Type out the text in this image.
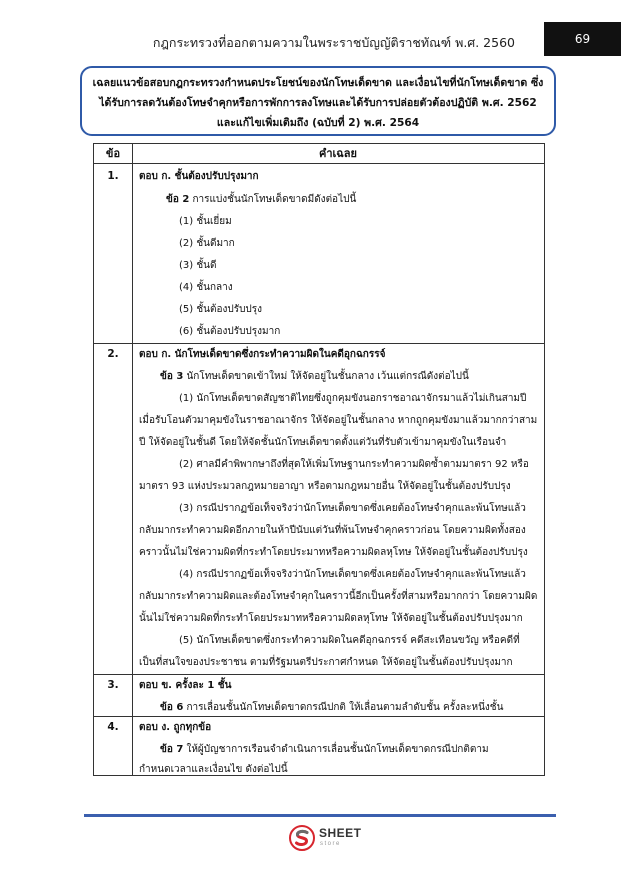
กฎกระทรวงที่ออกตามความในพระราชบัญญัติราชทัณฑ์ พ.ศ. 2560	69

เฉลยแนวข้อสอบกฎกระทรวงกำหนดประโยชน์ของนักโทษเด็ดขาด และเงื่อนไขที่นักโทษเด็ดขาด ซึ่ง

ได้รับการลดวันต้องโทษจำคุกหรือการพักการลงโทษและได้รับการปล่อยตัวต้องปฏิบัติ พ.ศ. 2562

และแก้ไขเพิ่มเติมถึง (ฉบับที่ 2) พ.ศ. 2564

ข้อ	คำเฉลย
1.	ตอบ ก. ชั้นต้องปรับปรุงมาก
ข้อ 2 การแบ่งชั้นนักโทษเด็ดขาดมีดังต่อไปนี้
(1) ชั้นเยี่ยม
(2) ชั้นดีมาก
(3) ชั้นดี
(4) ชั้นกลาง
(5) ชั้นต้องปรับปรุง
(6) ชั้นต้องปรับปรุงมาก
2.	ตอบ ก. นักโทษเด็ดขาดซึ่งกระทำความผิดในคดีอุกฉกรรจ์
ข้อ 3 นักโทษเด็ดขาดเข้าใหม่ ให้จัดอยู่ในชั้นกลาง เว้นแต่กรณีดังต่อไปนี้
(1) นักโทษเด็ดขาดสัญชาติไทยซึ่งถูกคุมขังนอกราชอาณาจักรมาแล้วไม่เกินสามปี
เมื่อรับโอนตัวมาคุมขังในราชอาณาจักร ให้จัดอยู่ในชั้นกลาง หากถูกคุมขังมาแล้วมากกว่าสาม
ปี ให้จัดอยู่ในชั้นดี โดยให้จัดชั้นนักโทษเด็ดขาดตั้งแต่วันที่รับตัวเข้ามาคุมขังในเรือนจำ
(2) ศาลมีคำพิพากษาถึงที่สุดให้เพิ่มโทษฐานกระทำความผิดซ้ำตามมาตรา 92 หรือ
มาตรา 93 แห่งประมวลกฎหมายอาญา หรือตามกฎหมายอื่น ให้จัดอยู่ในชั้นต้องปรับปรุง
(3) กรณีปรากฏข้อเท็จจริงว่านักโทษเด็ดขาดซึ่งเคยต้องโทษจำคุกและพ้นโทษแล้ว
กลับมากระทำความผิดอีกภายในห้าปีนับแต่วันที่พ้นโทษจำคุกคราวก่อน โดยความผิดทั้งสอง
คราวนั้นไม่ใช่ความผิดที่กระทำโดยประมาทหรือความผิดลหุโทษ ให้จัดอยู่ในชั้นต้องปรับปรุง
(4) กรณีปรากฏข้อเท็จจริงว่านักโทษเด็ดขาดซึ่งเคยต้องโทษจำคุกและพ้นโทษแล้ว
กลับมากระทำความผิดและต้องโทษจำคุกในคราวนี้อีกเป็นครั้งที่สามหรือมากกว่า โดยความผิด
นั้นไม่ใช่ความผิดที่กระทำโดยประมาทหรือความผิดลหุโทษ ให้จัดอยู่ในชั้นต้องปรับปรุงมาก
(5) นักโทษเด็ดขาดซึ่งกระทำความผิดในคดีอุกฉกรรจ์ คดีสะเทือนขวัญ หรือคดีที่
เป็นที่สนใจของประชาชน ตามที่รัฐมนตรีประกาศกำหนด ให้จัดอยู่ในชั้นต้องปรับปรุงมาก
3.	ตอบ ข. ครั้งละ 1 ชั้น
ข้อ 6 การเลื่อนชั้นนักโทษเด็ดขาดกรณีปกติ ให้เลื่อนตามลำดับชั้น ครั้งละหนึ่งชั้น
4.	ตอบ ง. ถูกทุกข้อ
ข้อ 7 ให้ผู้บัญชาการเรือนจำดำเนินการเลื่อนชั้นนักโทษเด็ดขาดกรณีปกติตาม
กำหนดเวลาและเงื่อนไข ดังต่อไปนี้
SHEET
store
